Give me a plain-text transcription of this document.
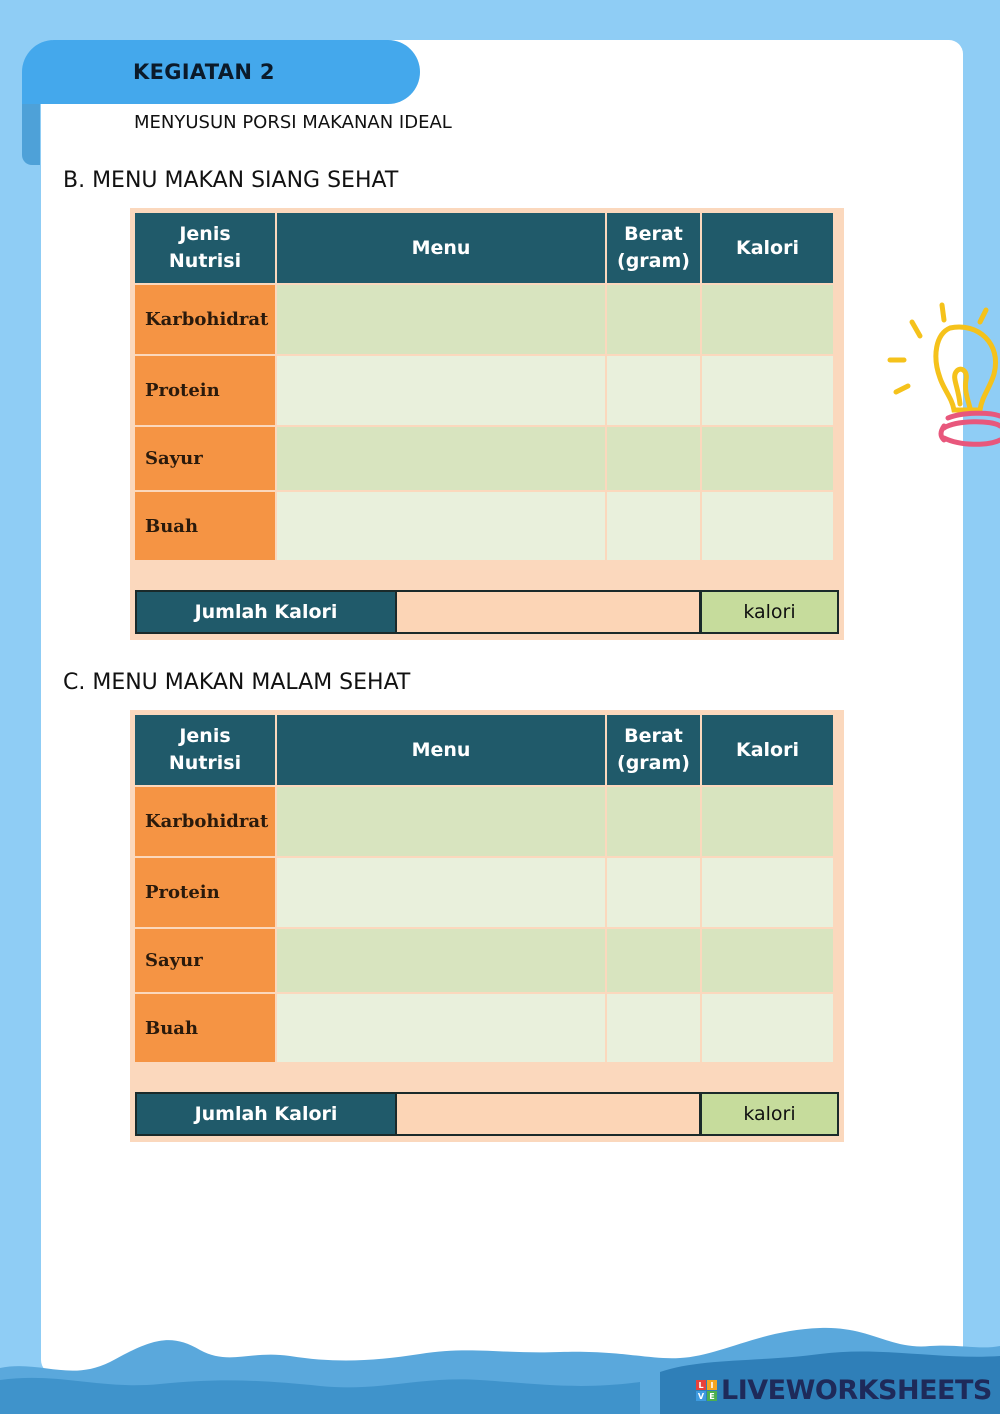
KEGIATAN 2
MENYUSUN PORSI MAKANAN IDEAL
B. MENU MAKAN SIANG SEHAT
Jenis
Nutrisi
Menu
Berat
(gram)
Kalori
Karbohidrat
Protein
Sayur
Buah
Jumlah Kalori	kalori
C. MENU MAKAN MALAM SEHAT
Jenis
Nutrisi
Menu
Berat
(gram)
Kalori
Karbohidrat
Protein
Sayur
Buah
Jumlah Kalori	kalori
L I
V E LIVEWORKSHEETS
